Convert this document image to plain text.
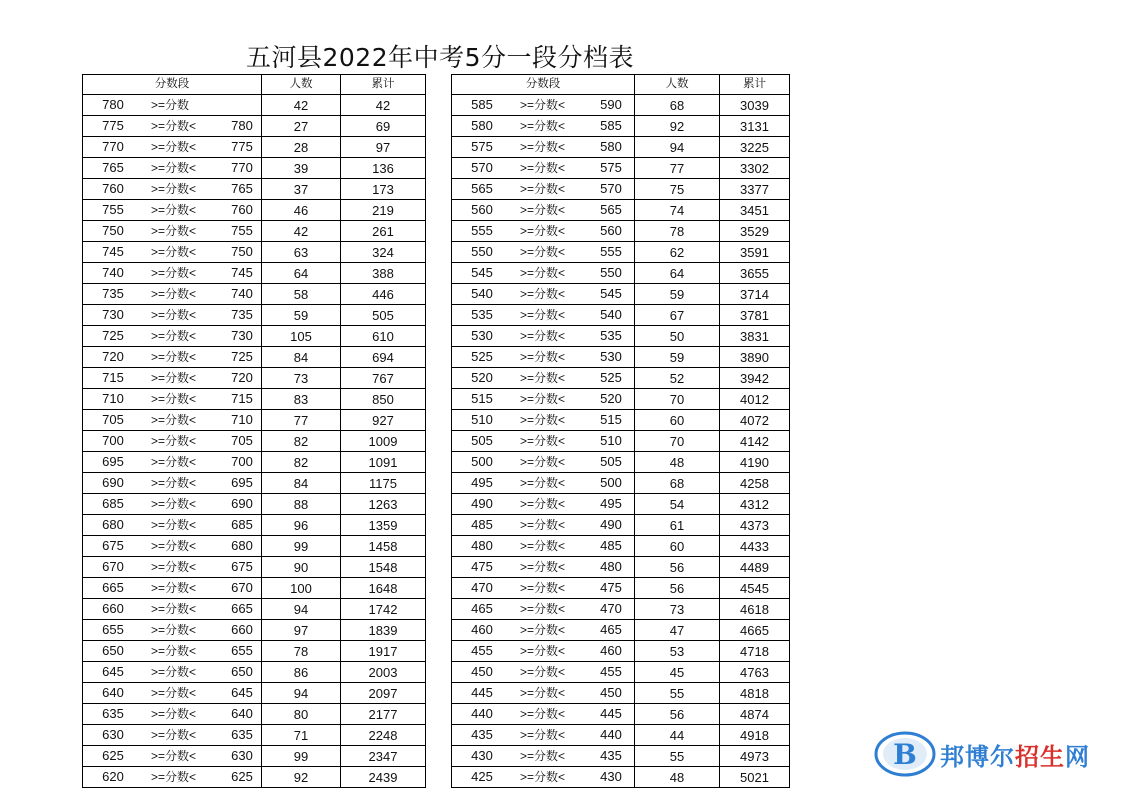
五河县2022年中考5分一段分档表
分数段	人数	累计
780 >=分数	42	42
775 >=分数< 780	27	69
770 >=分数< 775	28	97
765 >=分数< 770	39	136
760 >=分数< 765	37	173
755 >=分数< 760	46	219
750 >=分数< 755	42	261
745 >=分数< 750	63	324
740 >=分数< 745	64	388
735 >=分数< 740	58	446
730 >=分数< 735	59	505
725 >=分数< 730	105	610
720 >=分数< 725	84	694
715 >=分数< 720	73	767
710 >=分数< 715	83	850
705 >=分数< 710	77	927
700 >=分数< 705	82	1009
695 >=分数< 700	82	1091
690 >=分数< 695	84	1175
685 >=分数< 690	88	1263
680 >=分数< 685	96	1359
675 >=分数< 680	99	1458
670 >=分数< 675	90	1548
665 >=分数< 670	100	1648
660 >=分数< 665	94	1742
655 >=分数< 660	97	1839
650 >=分数< 655	78	1917
645 >=分数< 650	86	2003
640 >=分数< 645	94	2097
635 >=分数< 640	80	2177
630 >=分数< 635	71	2248
625 >=分数< 630	99	2347
620 >=分数< 625	92	2439
分数段	人数	累计
585 >=分数< 590	68	3039
580 >=分数< 585	92	3131
575 >=分数< 580	94	3225
570 >=分数< 575	77	3302
565 >=分数< 570	75	3377
560 >=分数< 565	74	3451
555 >=分数< 560	78	3529
550 >=分数< 555	62	3591
545 >=分数< 550	64	3655
540 >=分数< 545	59	3714
535 >=分数< 540	67	3781
530 >=分数< 535	50	3831
525 >=分数< 530	59	3890
520 >=分数< 525	52	3942
515 >=分数< 520	70	4012
510 >=分数< 515	60	4072
505 >=分数< 510	70	4142
500 >=分数< 505	48	4190
495 >=分数< 500	68	4258
490 >=分数< 495	54	4312
485 >=分数< 490	61	4373
480 >=分数< 485	60	4433
475 >=分数< 480	56	4489
470 >=分数< 475	56	4545
465 >=分数< 470	73	4618
460 >=分数< 465	47	4665
455 >=分数< 460	53	4718
450 >=分数< 455	45	4763
445 >=分数< 450	55	4818
440 >=分数< 445	56	4874
435 >=分数< 440	44	4918
430 >=分数< 435	55	4973
425 >=分数< 430	48	5021
B 邦博尔招生网
